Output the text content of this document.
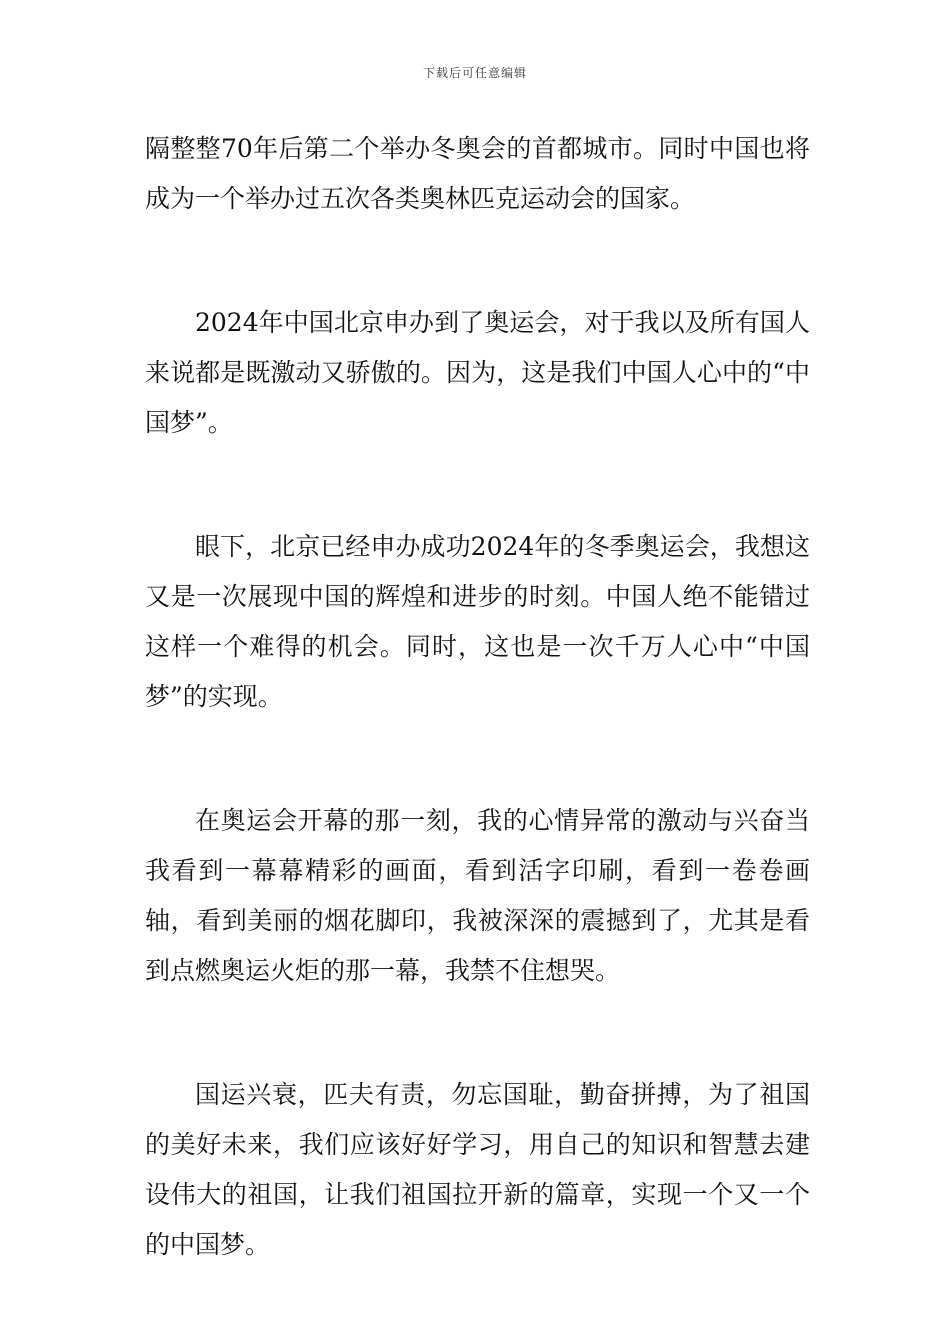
下载后可任意编辑

隔整整70年后第二个举办冬奥会的首都城市。同时中国也将成为一个举办过五次各类奥林匹克运动会的国家。

2024年中国北京申办到了奥运会，对于我以及所有国人来说都是既激动又骄傲的。因为，这是我们中国人心中的“中国梦”。

眼下，北京已经申办成功2024年的冬季奥运会，我想这又是一次展现中国的辉煌和进步的时刻。中国人绝不能错过这样一个难得的机会。同时，这也是一次千万人心中“中国梦”的实现。

在奥运会开幕的那一刻，我的心情异常的激动与兴奋当我看到一幕幕精彩的画面，看到活字印刷，看到一卷卷画轴，看到美丽的烟花脚印，我被深深的震撼到了，尤其是看到点燃奥运火炬的那一幕，我禁不住想哭。

国运兴衰，匹夫有责，勿忘国耻，勤奋拼搏，为了祖国的美好未来，我们应该好好学习，用自己的知识和智慧去建设伟大的祖国，让我们祖国拉开新的篇章，实现一个又一个的中国梦。
